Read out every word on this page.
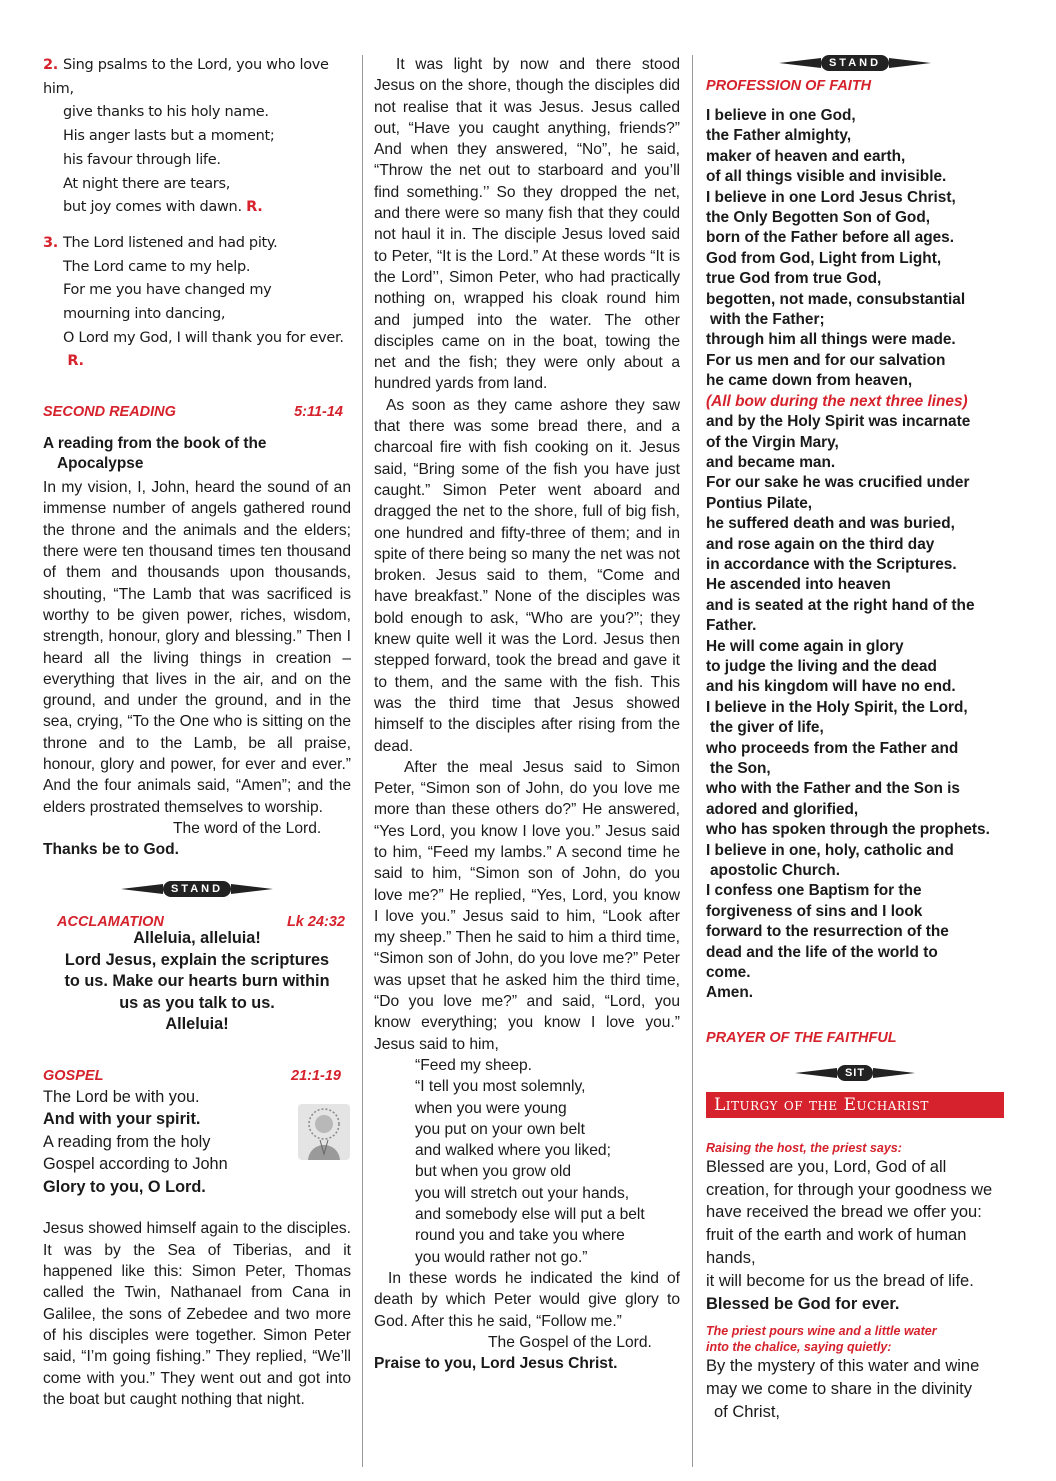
2. Sing psalms to the Lord, you who love him,
give thanks to his holy name.
His anger lasts but a moment;
his favour through life.
At night there are tears,
but joy comes with dawn. R.
3. The Lord listened and had pity.
The Lord came to my help.
For me you have changed my
mourning into dancing,
O Lord my God, I will thank you for ever.  R.
SECOND READING	5:11-14
A reading from the book of the
Apocalypse

In my vision, I, John, heard the sound of an immense number of angels gathered round the throne and the animals and the elders; there were ten thousand times ten thousand of them and thousands upon thousands, shouting, “The Lamb that was sacrificed is worthy to be given power, riches, wisdom, strength, honour, glory and blessing.” Then I heard all the living things in creation – everything that lives in the air, and on the ground, and under the ground, and in the sea, crying, “To the One who is sitting on the throne and to the Lamb, be all praise, honour, glory and power, for ever and ever.” And the four animals said, “Amen”; and the elders prostrated themselves to worship.

The word of the Lord.
Thanks be to God.
STAND
ACCLAMATION	Lk 24:32
Alleluia, alleluia!
Lord Jesus, explain the scriptures
to us. Make our hearts burn within
us as you talk to us.
Alleluia!
GOSPEL	21:1-19
The Lord be with you.
And with your spirit.
A reading from the holy
Gospel according to John
Glory to you, O Lord.

Jesus showed himself again to the disciples. It was by the Sea of Tiberias, and it happened like this: Simon Peter, Thomas called the Twin, Nathanael from Cana in Galilee, the sons of Zebedee and two more of his disciples were together. Simon Peter said, “I’m going fishing.” They replied, “We’ll come with you.” They went out and got into the boat but caught nothing that night.

It was light by now and there stood Jesus on the shore, though the disciples did not realise that it was Jesus. Jesus called out, “Have you caught anything, friends?” And when they answered, “No”, he said, “Throw the net out to starboard and you’ll find something.’’ So they dropped the net, and there were so many fish that they could not haul it in. The disciple Jesus loved said to Peter, “It is the Lord.” At these words “It is the Lord’’, Simon Peter, who had practically nothing on, wrapped his cloak round him and jumped into the water. The other disciples came on in the boat, towing the net and the fish; they were only about a hundred yards from land.

As soon as they came ashore they saw that there was some bread there, and a charcoal fire with fish cooking on it. Jesus said, “Bring some of the fish you have just caught.” Simon Peter went aboard and dragged the net to the shore, full of big fish, one hundred and fifty-three of them; and in spite of there being so many the net was not broken. Jesus said to them, “Come and have breakfast.” None of the disciples was bold enough to ask, “Who are you?”; they knew quite well it was the Lord. Jesus then stepped forward, took the bread and gave it to them, and the same with the fish. This was the third time that Jesus showed himself to the disciples after rising from the dead.

After the meal Jesus said to Simon Peter, “Simon son of John, do you love me more than these others do?” He answered, “Yes Lord, you know I love you.” Jesus said to him, “Feed my lambs.” A second time he said to him, “Simon son of John, do you love me?” He replied, “Yes, Lord, you know I love you.” Jesus said to him, “Look after my sheep.” Then he said to him a third time, “Simon son of John, do you love me?” Peter was upset that he asked him the third time, “Do you love me?” and said, “Lord, you know everything; you know I love you.” Jesus said to him,

“Feed my sheep.
“I tell you most solemnly,
when you were young
you put on your own belt
and walked where you liked;
but when you grow old
you will stretch out your hands,
and somebody else will put a belt
round you and take you where
you would rather not go.”

In these words he indicated the kind of death by which Peter would give glory to God. After this he said, “Follow me.”

The Gospel of the Lord.
Praise to you, Lord Jesus Christ.
STAND
PROFESSION OF FAITH

I believe in one God,

the Father almighty,

maker of heaven and earth,

of all things visible and invisible.

I believe in one Lord Jesus Christ,

the Only Begotten Son of God,

born of the Father before all ages.

God from God, Light from Light,

true God from true God,

begotten, not made, consubstantial

with the Father;

through him all things were made.

For us men and for our salvation

he came down from heaven,

(All bow during the next three lines)

and by the Holy Spirit was incarnate

of the Virgin Mary,

and became man.

For our sake he was crucified under

Pontius Pilate,

he suffered death and was buried,

and rose again on the third day

in accordance with the Scriptures.

He ascended into heaven

and is seated at the right hand of the

Father.

He will come again in glory

to judge the living and the dead

and his kingdom will have no end.

I believe in the Holy Spirit, the Lord,

the giver of life,

who proceeds from the Father and

the Son,

who with the Father and the Son is

adored and glorified,

who has spoken through the prophets.

I believe in one, holy, catholic and

apostolic Church.

I confess one Baptism for the

forgiveness of sins and I look

forward to the resurrection of the

dead and the life of the world to

come.

Amen.

PRAYER OF THE FAITHFUL
SIT
Liturgy of the Eucharist
Raising the host, the priest says:

Blessed are you, Lord, God of all creation, for through your goodness we have received the bread we offer you: fruit of the earth and work of human hands,

it will become for us the bread of life.

Blessed be God for ever.

The priest pours wine and a little water
into the chalice, saying quietly:
By the mystery of this water and wine
may we come to share in the divinity
of Christ,
